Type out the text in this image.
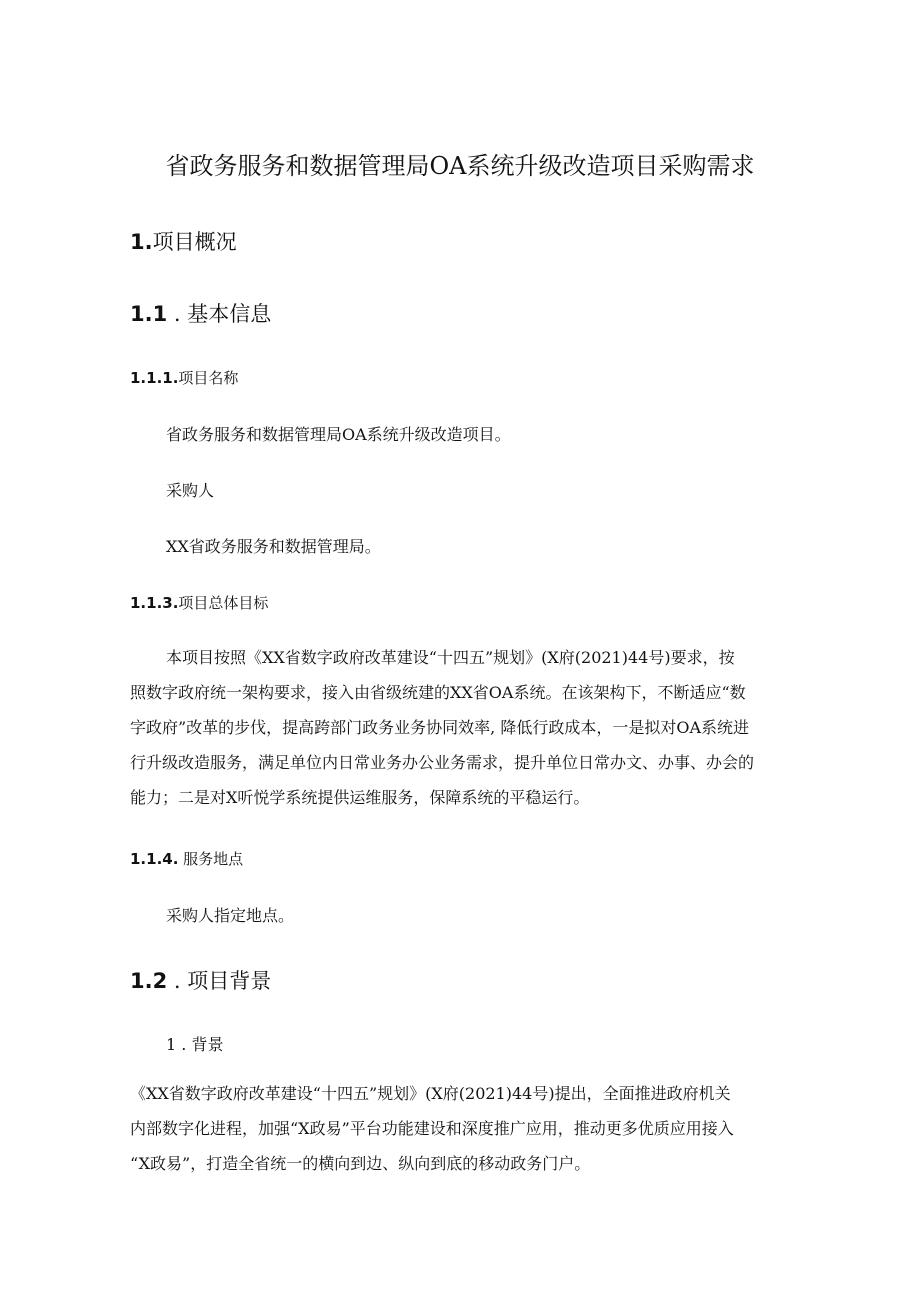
省政务服务和数据管理局OA系统升级改造项目采购需求
1.项目概况
1.1 . 基本信息
1.1.1.项目名称
省政务服务和数据管理局OA系统升级改造项目。
采购人
XX省政务服务和数据管理局。
1.1.3.项目总体目标
本项目按照《XX省数字政府改革建设“十四五”规划》(X府(2021)44号)要求，按
照数字政府统一架构要求，接入由省级统建的XX省OA系统。在该架构下，不断适应“数
字政府”改革的步伐，提高跨部门政务业务协同效率, 降低行政成本，一是拟对OA系统进
行升级改造服务，满足单位内日常业务办公业务需求，提升单位日常办文、办事、办会的
能力；二是对X听悦学系统提供运维服务，保障系统的平稳运行。
1.1.4. 服务地点
采购人指定地点。
1.2 . 项目背景
1 . 背景
《XX省数字政府改革建设“十四五”规划》(X府(2021)44号)提出，全面推进政府机关
内部数字化进程，加强“X政易”平台功能建设和深度推广应用，推动更多优质应用接入
“X政易”，打造全省统一的横向到边、纵向到底的移动政务门户。
